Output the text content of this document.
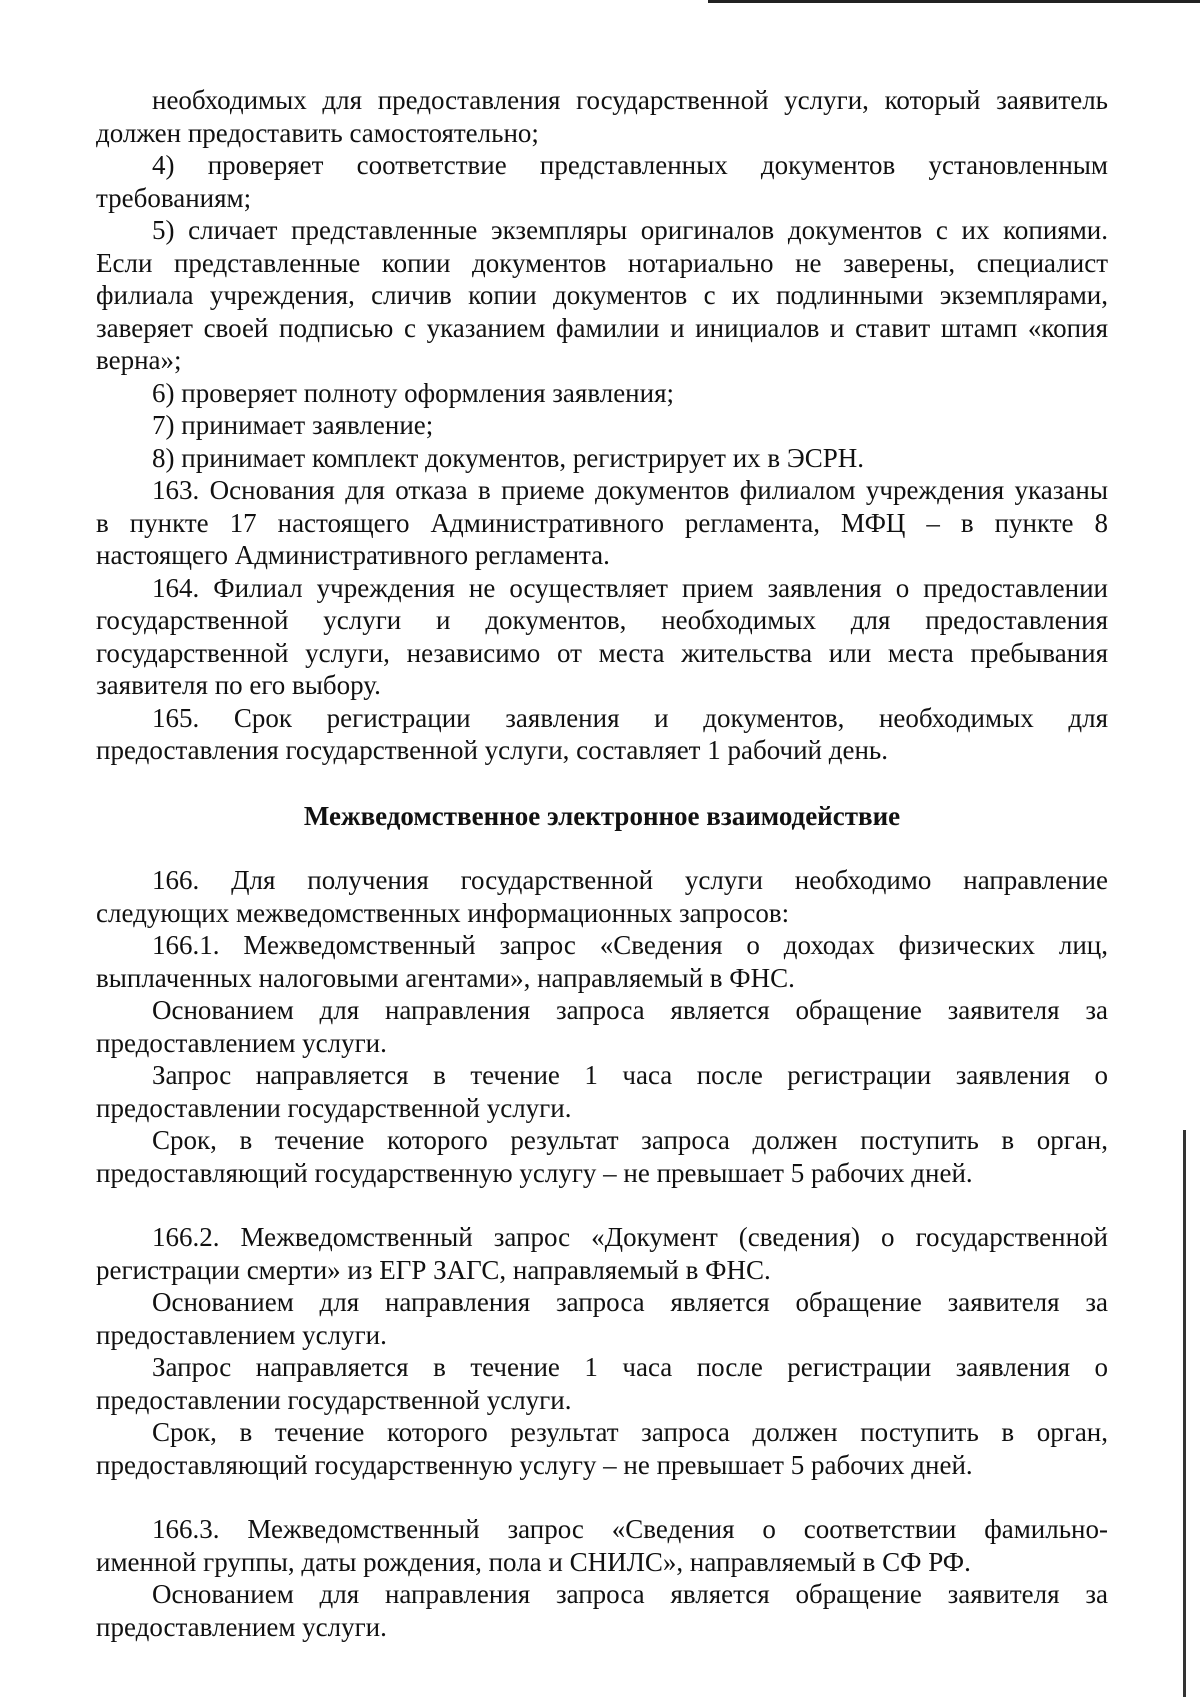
необходимых для предоставления государственной услуги, который заявитель
должен предоставить самостоятельно;
4) проверяет соответствие представленных документов установленным
требованиям;
5) сличает представленные экземпляры оригиналов документов с их копиями.
Если представленные копии документов нотариально не заверены, специалист
филиала учреждения, сличив копии документов с их подлинными экземплярами,
заверяет своей подписью с указанием фамилии и инициалов и ставит штамп «копия
верна»;
6) проверяет полноту оформления заявления;
7) принимает заявление;
8) принимает комплект документов, регистрирует их в ЭСРН.
163. Основания для отказа в приеме документов филиалом учреждения указаны
в пункте 17 настоящего Административного регламента, МФЦ – в пункте 8
настоящего Административного регламента.
164. Филиал учреждения не осуществляет прием заявления о предоставлении
государственной услуги и документов, необходимых для предоставления
государственной услуги, независимо от места жительства или места пребывания
заявителя по его выбору.
165. Срок регистрации заявления и документов, необходимых для
предоставления государственной услуги, составляет 1 рабочий день.
Межведомственное электронное взаимодействие
166. Для получения государственной услуги необходимо направление
следующих межведомственных информационных запросов:
166.1. Межведомственный запрос «Сведения о доходах физических лиц,
выплаченных налоговыми агентами», направляемый в ФНС.
Основанием для направления запроса является обращение заявителя за
предоставлением услуги.
Запрос направляется в течение 1 часа после регистрации заявления о
предоставлении государственной услуги.
Срок, в течение которого результат запроса должен поступить в орган,
предоставляющий государственную услугу – не превышает 5 рабочих дней.
166.2. Межведомственный запрос «Документ (сведения) о государственной
регистрации смерти» из ЕГР ЗАГС, направляемый в ФНС.
Основанием для направления запроса является обращение заявителя за
предоставлением услуги.
Запрос направляется в течение 1 часа после регистрации заявления о
предоставлении государственной услуги.
Срок, в течение которого результат запроса должен поступить в орган,
предоставляющий государственную услугу – не превышает 5 рабочих дней.
166.3. Межведомственный запрос «Сведения о соответствии фамильно-
именной группы, даты рождения, пола и СНИЛС», направляемый в СФ РФ.
Основанием для направления запроса является обращение заявителя за
предоставлением услуги.
